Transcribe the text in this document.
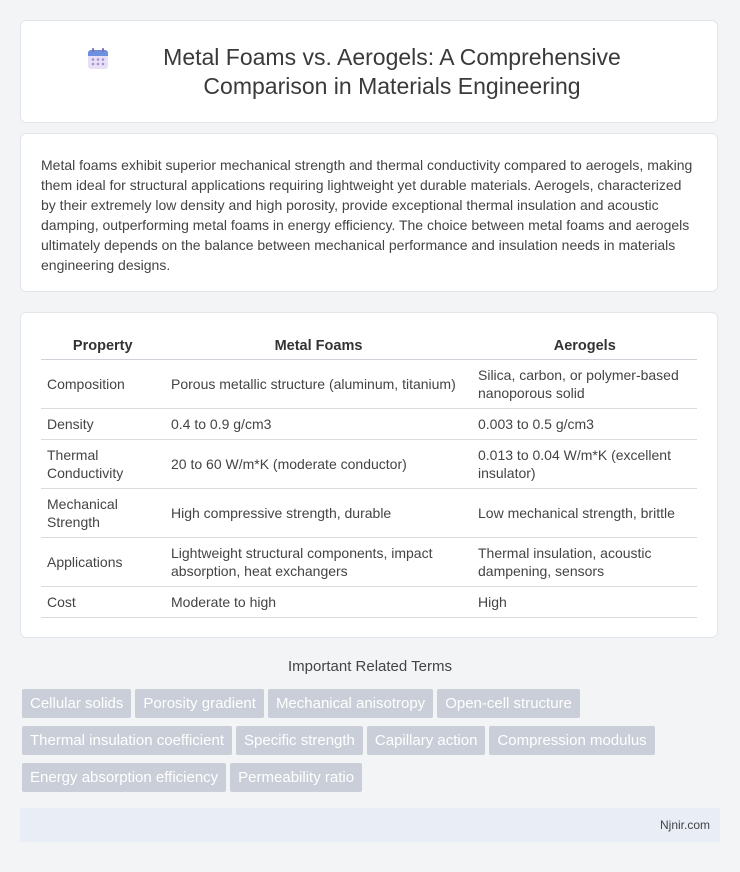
Metal Foams vs. Aerogels: A Comprehensive Comparison in Materials Engineering

Metal foams exhibit superior mechanical strength and thermal conductivity compared to aerogels, making them ideal for structural applications requiring lightweight yet durable materials. Aerogels, characterized by their extremely low density and high porosity, provide exceptional thermal insulation and acoustic damping, outperforming metal foams in energy efficiency. The choice between metal foams and aerogels ultimately depends on the balance between mechanical performance and insulation needs in materials engineering designs.

Property	Metal Foams	Aerogels
Composition	Porous metallic structure (aluminum, titanium)	Silica, carbon, or polymer-based nanoporous solid
Density	0.4 to 0.9 g/cm3	0.003 to 0.5 g/cm3
Thermal Conductivity	20 to 60 W/m*K (moderate conductor)	0.013 to 0.04 W/m*K (excellent insulator)
Mechanical Strength	High compressive strength, durable	Low mechanical strength, brittle
Applications	Lightweight structural components, impact absorption, heat exchangers	Thermal insulation, acoustic dampening, sensors
Cost	Moderate to high	High
Important Related Terms
Cellular solids Porosity gradient Mechanical anisotropy Open-cell structureThermal insulation coefficient Specific strength Capillary action Compression modulusEnergy absorption efficiency Permeability ratio
Njnir.com
